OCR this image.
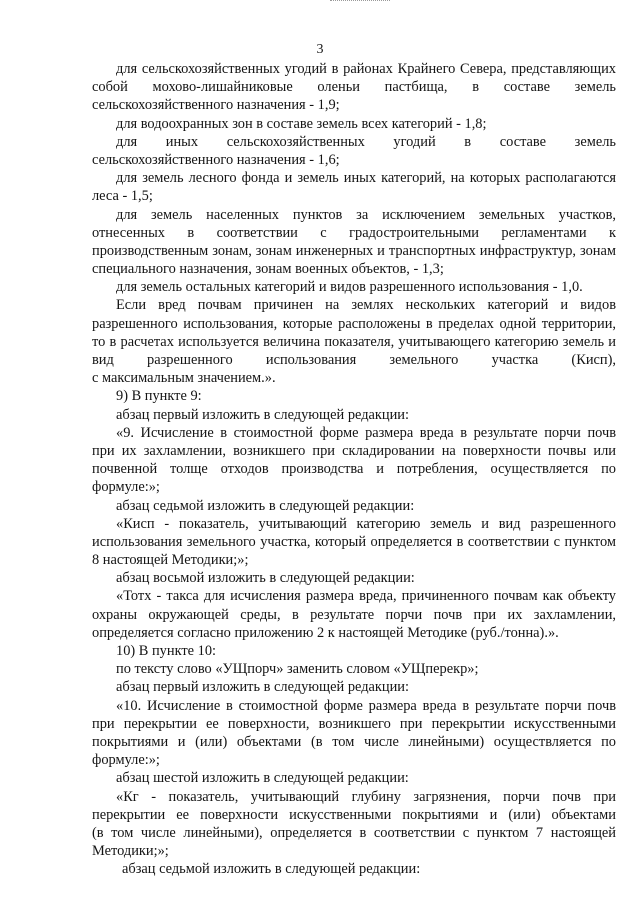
3
для сельскохозяйственных угодий в районах Крайнего Севера, представляющих
собой мохово-лишайниковые оленьи пастбища, в составе земель
сельскохозяйственного назначения - 1,9;
для водоохранных зон в составе земель всех категорий - 1,8;
для иных сельскохозяйственных угодий в составе земель
сельскохозяйственного назначения - 1,6;
для земель лесного фонда и земель иных категорий, на которых располагаются
леса - 1,5;
для земель населенных пунктов за исключением земельных участков,
отнесенных в соответствии с градостроительными регламентами к
производственным зонам, зонам инженерных и транспортных инфраструктур, зонам
специального назначения, зонам военных объектов, - 1,3;
для земель остальных категорий и видов разрешенного использования - 1,0.
Если вред почвам причинен на землях нескольких категорий и видов
разрешенного использования, которые расположены в пределах одной территории,
то в расчетах используется величина показателя, учитывающего категорию земель и
вид разрешенного использования земельного участка (Кисп),
с максимальным значением.».
9) В пункте 9:
абзац первый изложить в следующей редакции:
«9. Исчисление в стоимостной форме размера вреда в результате порчи почв
при их захламлении, возникшего при складировании на поверхности почвы или
почвенной толще отходов производства и потребления, осуществляется по
формуле:»;
абзац седьмой изложить в следующей редакции:
«Кисп - показатель, учитывающий категорию земель и вид разрешенного
использования земельного участка, который определяется в соответствии с пунктом
8 настоящей Методики;»;
абзац восьмой изложить в следующей редакции:
«Тотх - такса для исчисления размера вреда, причиненного почвам как объекту
охраны окружающей среды, в результате порчи почв при их захламлении,
определяется согласно приложению 2 к настоящей Методике (руб./тонна).».
10) В пункте 10:
по тексту слово «УЩпорч» заменить словом «УЩперекр»;
абзац первый изложить в следующей редакции:
«10. Исчисление в стоимостной форме размера вреда в результате порчи почв
при перекрытии ее поверхности, возникшего при перекрытии искусственными
покрытиями и (или) объектами (в том числе линейными) осуществляется по
формуле:»;
абзац шестой изложить в следующей редакции:
«Кг - показатель, учитывающий глубину загрязнения, порчи почв при
перекрытии ее поверхности искусственными покрытиями и (или) объектами
(в том числе линейными), определяется в соответствии с пунктом 7 настоящей
Методики;»;
абзац седьмой изложить в следующей редакции:
